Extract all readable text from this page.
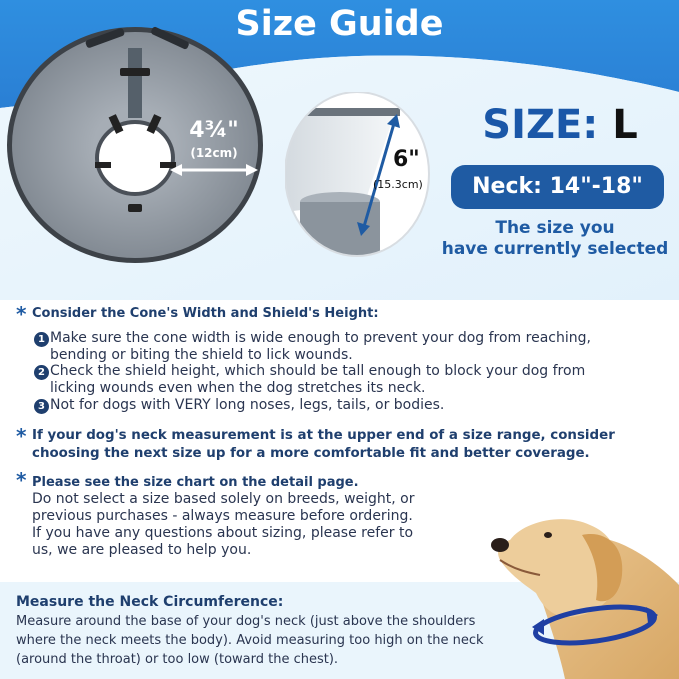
Size Guide
4¾"
(12cm)	6"
(15.3cm)
SIZE: L
Neck: 14"-18"
The size you
have currently selected
* Consider the Cone's Width and Shield's Height:
1 Make sure the cone width is wide enough to prevent your dog from reaching,
bending or biting the shield to lick wounds.
2 Check the shield height, which should be tall enough to block your dog from
licking wounds even when the dog stretches its neck.
3 Not for dogs with VERY long noses, legs, tails, or bodies.
* If your dog's neck measurement is at the upper end of a size range, consider
choosing the next size up for a more comfortable fit and better coverage.
* Please see the size chart on the detail page.
Do not select a size based solely on breeds, weight, or
previous purchases - always measure before ordering.
If you have any questions about sizing, please refer to
us, we are pleased to help you.
Measure the Neck Circumference:
Measure around the base of your dog's neck (just above the shoulders where the neck meets the body). Avoid measuring too high on the neck (around the throat) or too low (toward the chest).
